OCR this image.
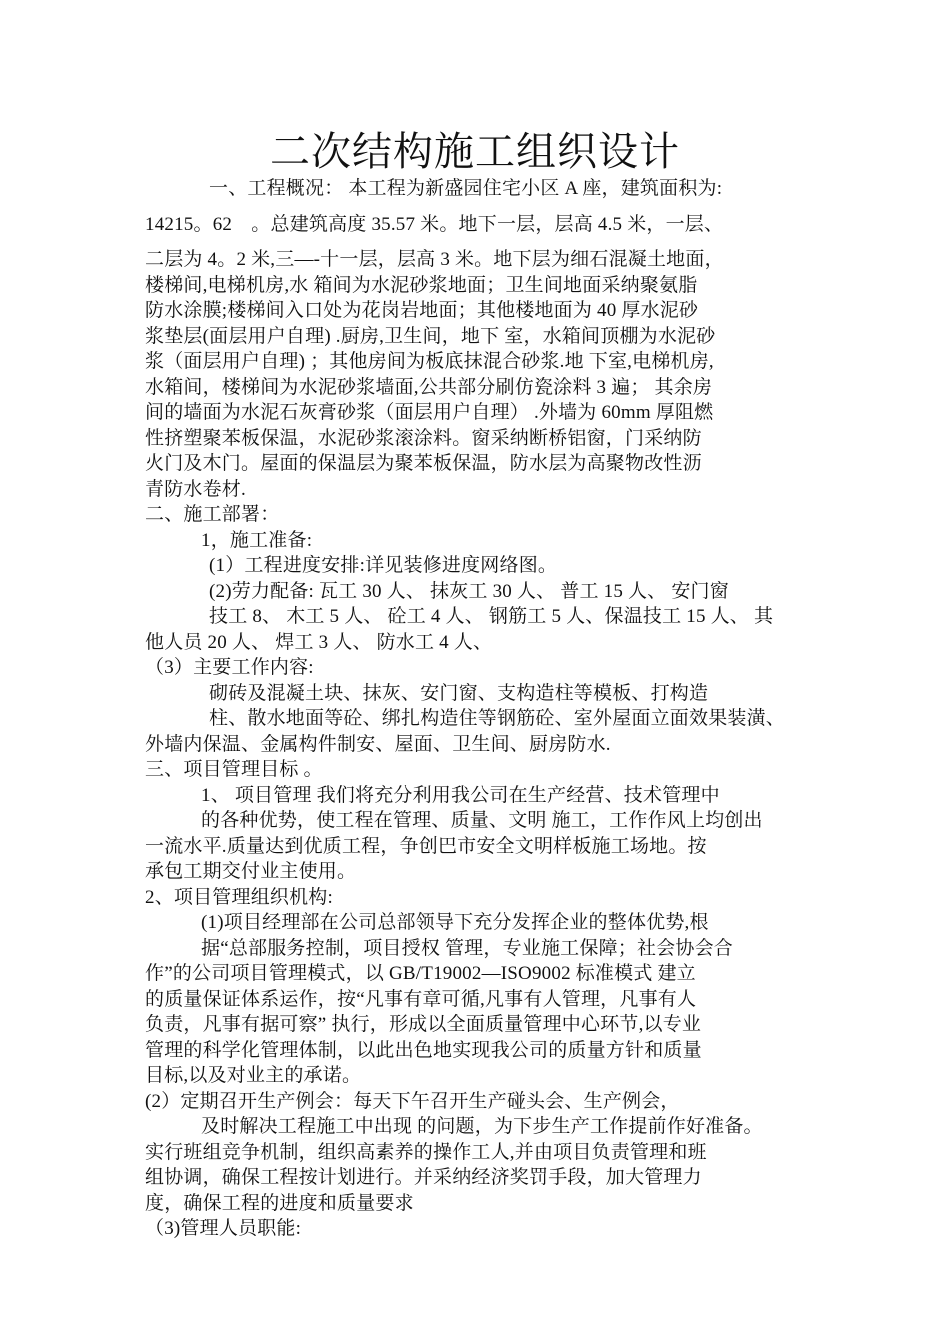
二次结构施工组织设计

一、工程概况： 本工程为新盛园住宅小区 A 座，建筑面积为:

14215。62　。总建筑高度 35.57 米。地下一层，层高 4.5 米，一层、

二层为 4。2 米,三—-十一层，层高 3 米。地下层为细石混凝土地面，

楼梯间,电梯机房,水 箱间为水泥砂浆地面；卫生间地面采纳聚氨脂

防水涂膜;楼梯间入口处为花岗岩地面；其他楼地面为 40 厚水泥砂

浆垫层(面层用户自理) .厨房,卫生间，地下 室，水箱间顶棚为水泥砂

浆（面层用户自理) ；其他房间为板底抹混合砂浆.地 下室,电梯机房,

水箱间，楼梯间为水泥砂浆墙面,公共部分刷仿瓷涂料 3 遍； 其余房

间的墙面为水泥石灰膏砂浆（面层用户自理） .外墙为 60mm 厚阻燃

性挤塑聚苯板保温，水泥砂浆滚涂料。窗采纳断桥铝窗，门采纳防

火门及木门。屋面的保温层为聚苯板保温，防水层为高聚物改性沥

青防水卷材.

二、施工部署：

1，施工准备:

(1）工程进度安排:详见装修进度网络图。

(2)劳力配备: 瓦工 30 人、 抹灰工 30 人、 普工 15 人、 安门窗

技工 8、 木工 5 人、 砼工 4 人、 钢筋工 5 人、保温技工 15 人、 其

他人员 20 人、 焊工 3 人、 防水工 4 人、

（3）主要工作内容:

砌砖及混凝土块、抹灰、安门窗、支构造柱等模板、打构造

柱、散水地面等砼、绑扎构造住等钢筋砼、室外屋面立面效果装潢、

外墙内保温、金属构件制安、屋面、卫生间、厨房防水.

三、项目管理目标 。

1、 项目管理 我们将充分利用我公司在生产经营、技术管理中

的各种优势，使工程在管理、质量、文明 施工，工作作风上均创出

一流水平.质量达到优质工程，争创巴市安全文明样板施工场地。按

承包工期交付业主使用。

2、项目管理组织机构:

(1)项目经理部在公司总部领导下充分发挥企业的整体优势,根

据“总部服务控制，项目授权 管理，专业施工保障；社会协会合

作”的公司项目管理模式，以 GB/T19002—ISO9002 标准模式 建立

的质量保证体系运作，按“凡事有章可循,凡事有人管理，凡事有人

负责，凡事有据可察” 执行，形成以全面质量管理中心环节,以专业

管理的科学化管理体制，以此出色地实现我公司的质量方针和质量

目标,以及对业主的承诺。

(2）定期召开生产例会：每天下午召开生产碰头会、生产例会，

及时解决工程施工中出现 的问题，为下步生产工作提前作好准备。

实行班组竞争机制，组织高素养的操作工人,并由项目负责管理和班

组协调，确保工程按计划进行。并采纳经济奖罚手段，加大管理力

度，确保工程的进度和质量要求

（3)管理人员职能:
